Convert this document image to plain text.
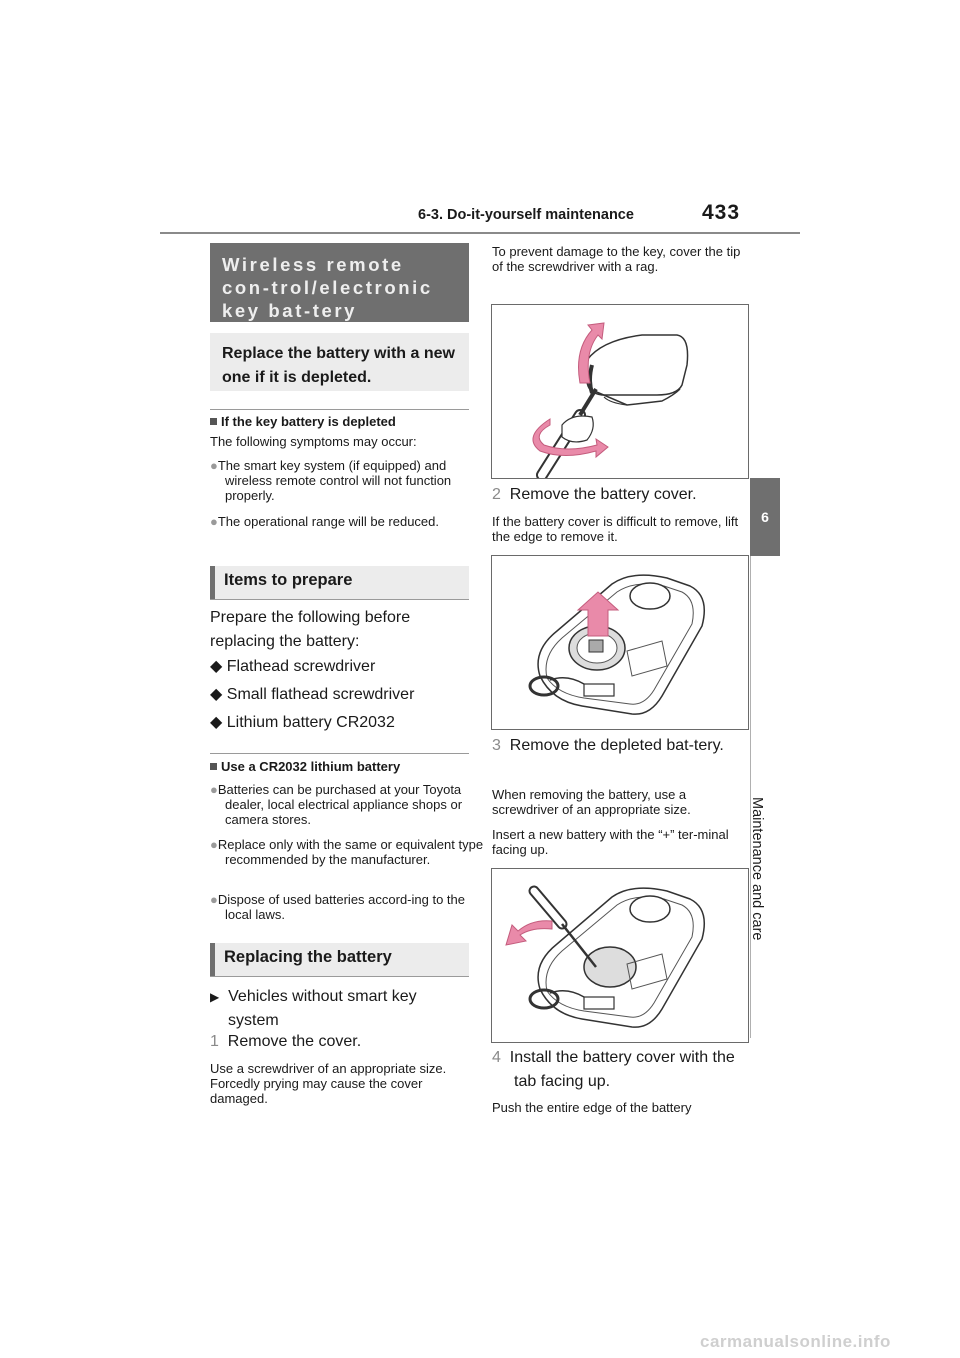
6-3. Do-it-yourself maintenance	433
6
Maintenance and care
Wireless remote con-trol/electronic key bat-tery
Replace the battery with a new one if it is depleted.
If the key battery is depleted
The following symptoms may occur:
●The smart key system (if equipped) and wireless remote control will not function properly.
●The operational range will be reduced.
Items to prepare
Prepare the following before replacing the battery:
◆ Flathead screwdriver
◆ Small flathead screwdriver
◆ Lithium battery CR2032
Use a CR2032 lithium battery
●Batteries can be purchased at your Toyota dealer, local electrical appliance shops or camera stores.
●Replace only with the same or equivalent type recommended by the manufacturer.
●Dispose of used batteries accord-ing to the local laws.
Replacing the battery
▶ Vehicles without smart key system
1 Remove the cover.
Use a screwdriver of an appropriate size. Forcedly prying may cause the cover damaged.
To prevent damage to the key, cover the tip of the screwdriver with a rag.
2 Remove the battery cover.
If the battery cover is difficult to remove, lift the edge to remove it.
3 Remove the depleted bat-tery.
When removing the battery, use a screwdriver of an appropriate size.
Insert a new battery with the “+” ter-minal facing up.
4 Install the battery cover with the tab facing up.
Push the entire edge of the battery
carmanualsonline.info
